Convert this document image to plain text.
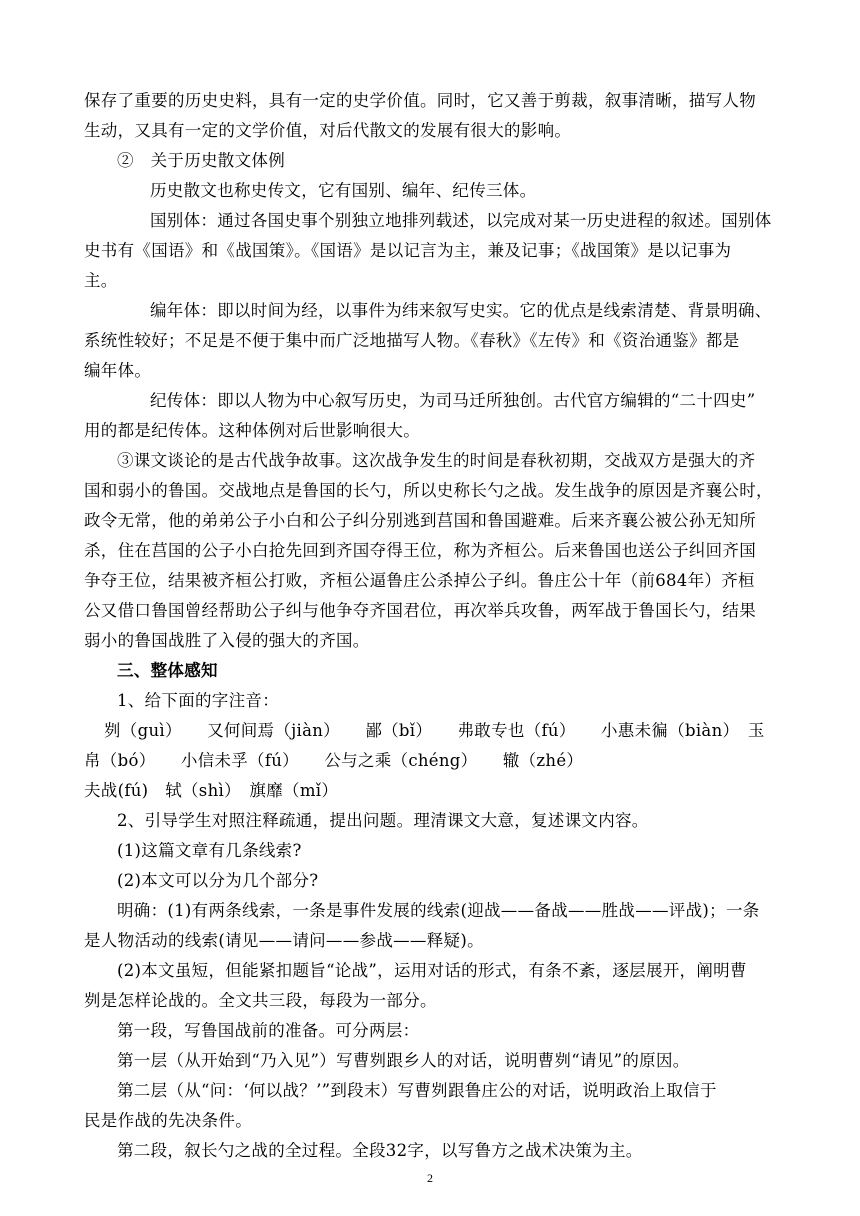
保存了重要的历史史料，具有一定的史学价值。同时，它又善于剪裁，叙事清晰，描写人物
生动，又具有一定的文学价值，对后代散文的发展有很大的影响。
②　关于历史散文体例
历史散文也称史传文，它有国别、编年、纪传三体。
国别体：通过各国史事个别独立地排列载述，以完成对某一历史进程的叙述。国别体
史书有《国语》和《战国策》。《国语》是以记言为主，兼及记事；《战国策》是以记事为
主。
编年体：即以时间为经，以事件为纬来叙写史实。它的优点是线索清楚、背景明确、
系统性较好；不足是不便于集中而广泛地描写人物。《春秋》《左传》和《资治通鉴》都是
编年体。
纪传体：即以人物为中心叙写历史，为司马迁所独创。古代官方编辑的“二十四史”
用的都是纪传体。这种体例对后世影响很大。
③课文谈论的是古代战争故事。这次战争发生的时间是春秋初期，交战双方是强大的齐
国和弱小的鲁国。交战地点是鲁国的长勺，所以史称长勺之战。发生战争的原因是齐襄公时，
政令无常，他的弟弟公子小白和公子纠分别逃到莒国和鲁国避难。后来齐襄公被公孙无知所
杀，住在莒国的公子小白抢先回到齐国夺得王位，称为齐桓公。后来鲁国也送公子纠回齐国
争夺王位，结果被齐桓公打败，齐桓公逼鲁庄公杀掉公子纠。鲁庄公十年（前684年）齐桓
公又借口鲁国曾经帮助公子纠与他争夺齐国君位，再次举兵攻鲁，两军战于鲁国长勺，结果
弱小的鲁国战胜了入侵的强大的齐国。
三、整体感知
1、给下面的字注音：
刿（guì）　　又何间焉（jiàn）　　鄙（bǐ）　　弗敢专也（fú）　　小惠未徧（biàn）　玉
帛（bó）　　小信未孚（fú）　　公与之乘（chéng）　　辙（zhé）
夫战(fú)　轼（shì）　旗靡（mǐ）
2、引导学生对照注释疏通，提出问题。理清课文大意，复述课文内容。
(1)这篇文章有几条线索?
(2)本文可以分为几个部分?
明确：(1)有两条线索，一条是事件发展的线索(迎战——备战——胜战——评战)；一条
是人物活动的线索(请见——请问——参战——释疑)。
(2)本文虽短，但能紧扣题旨“论战”，运用对话的形式，有条不紊，逐层展开，阐明曹
刿是怎样论战的。全文共三段，每段为一部分。
第一段，写鲁国战前的准备。可分两层：
第一层（从开始到“乃入见”）写曹刿跟乡人的对话，说明曹刿“请见”的原因。
第二层（从“问：‘何以战？’”到段末）写曹刿跟鲁庄公的对话，说明政治上取信于
民是作战的先决条件。
第二段，叙长勺之战的全过程。全段32字，以写鲁方之战术决策为主。
2
